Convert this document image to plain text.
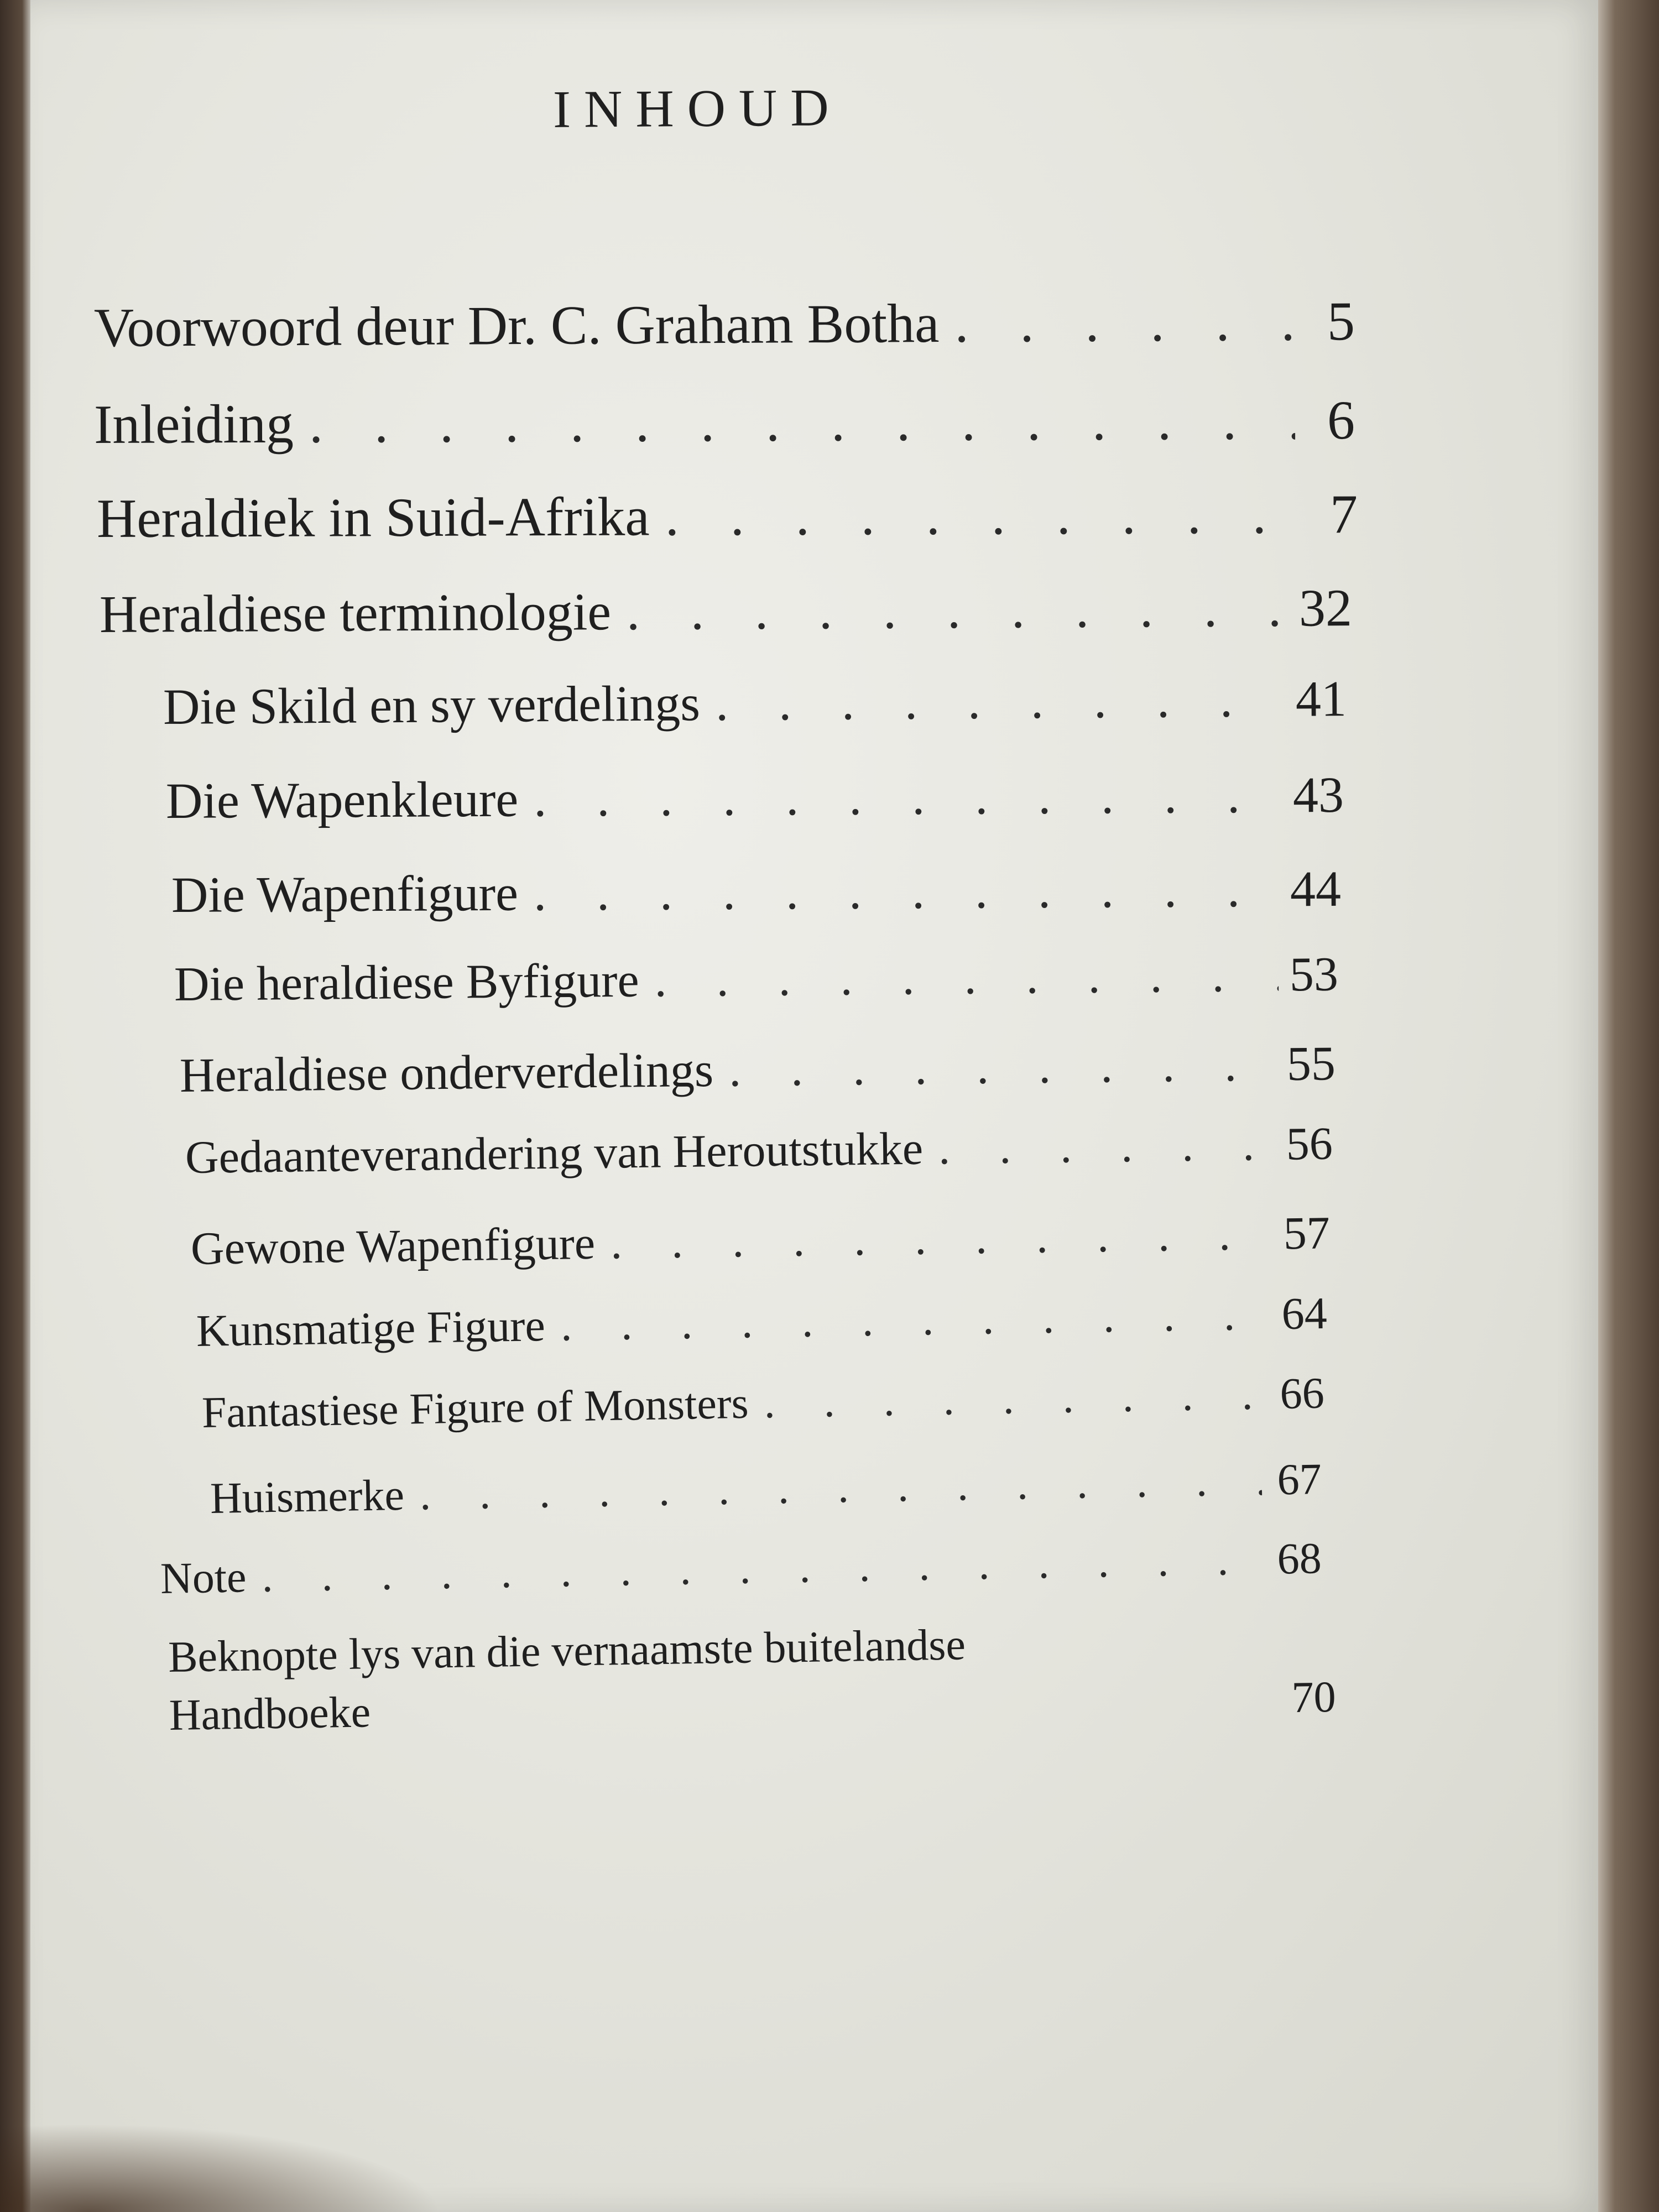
INHOUD
Voorwoord deur Dr. C. Graham Botha . . .	5
Inleiding . . .	6
Heraldiek in Suid-Afrika . . .	7
Heraldiese terminologie . . .	32
Die Skild en sy verdelings . . .	41
Die Wapenkleure . . .	43
Die Wapenfigure . . .	44
Die heraldiese Byfigure . . .	53
Heraldiese onderverdelings . . .	55
Gedaanteverandering van Heroutstukke . . .	56
Gewone Wapenfigure . . .	57
Kunsmatige Figure . . .	64
Fantastiese Figure of Monsters . . .	66
Huismerke . . .	67
Note . . .	68
Beknopte lys van die vernaamste buitelandse
Handboeke	70
